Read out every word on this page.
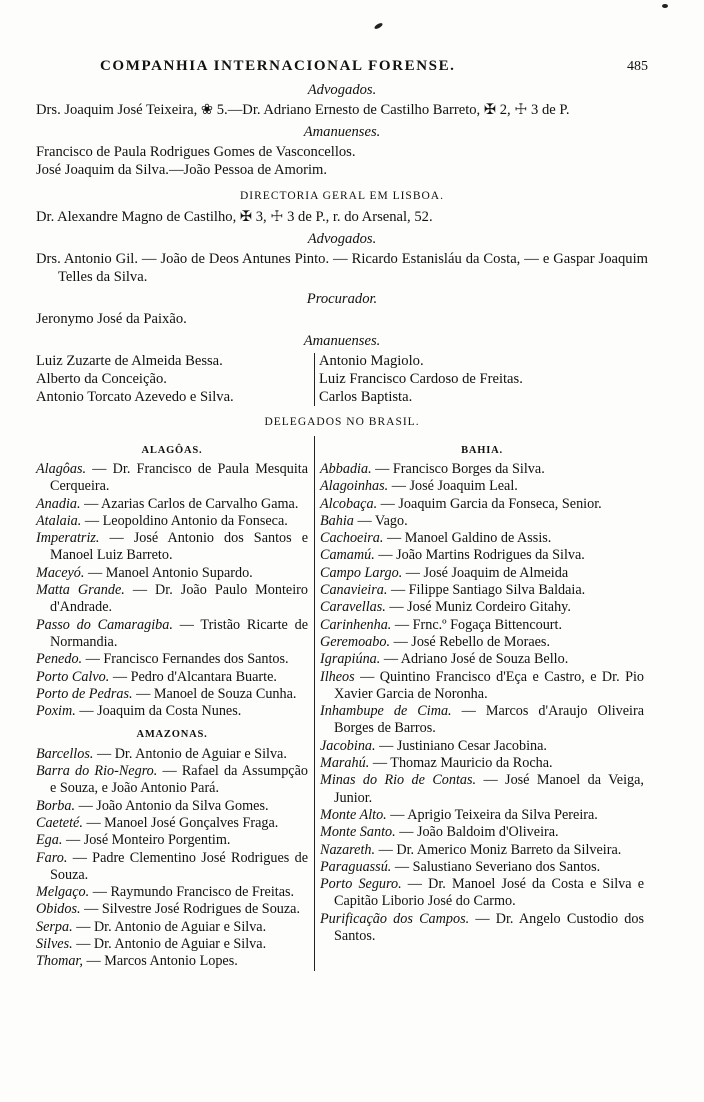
COMPANHIA INTERNACIONAL FORENSE.	485
Advogados.
Drs. Joaquim José Teixeira, ❀ 5.—Dr. Adriano Ernesto de Castilho Barreto, ✠ 2, ☩ 3 de P.
Amanuenses.
Francisco de Paula Rodrigues Gomes de Vasconcellos.
José Joaquim da Silva.—João Pessoa de Amorim.
DIRECTORIA GERAL EM LISBOA.
Dr. Alexandre Magno de Castilho, ✠ 3, ☩ 3 de P., r. do Arsenal, 52.
Advogados.
Drs. Antonio Gil. — João de Deos Antunes Pinto. — Ricardo Estanisláu da Costa, — e Gaspar Joaquim Telles da Silva.
Procurador.
Jeronymo José da Paixão.
Amanuenses.
Luiz Zuzarte de Almeida Bessa.
Alberto da Conceição.
Antonio Torcato Azevedo e Silva.
Antonio Magiolo.
Luiz Francisco Cardoso de Freitas.
Carlos Baptista.
DELEGADOS NO BRASIL.
ALAGÔAS.
Alagôas. — Dr. Francisco de Paula Mesquita Cerqueira.
Anadia. — Azarias Carlos de Carvalho Gama.
Atalaia. — Leopoldino Antonio da Fonseca.
Imperatriz. — José Antonio dos Santos e Manoel Luiz Barreto.
Maceyó. — Manoel Antonio Supardo.
Matta Grande. — Dr. João Paulo Monteiro d'Andrade.
Passo do Camaragiba. — Tristão Ricarte de Normandia.
Penedo. — Francisco Fernandes dos Santos.
Porto Calvo. — Pedro d'Alcantara Buarte.
Porto de Pedras. — Manoel de Souza Cunha.
Poxim. — Joaquim da Costa Nunes.
AMAZONAS.
Barcellos. — Dr. Antonio de Aguiar e Silva.
Barra do Rio-Negro. — Rafael da Assumpção e Souza, e João Antonio Pará.
Borba. — João Antonio da Silva Gomes.
Caeteté. — Manoel José Gonçalves Fraga.
Ega. — José Monteiro Porgentim.
Faro. — Padre Clementino José Rodrigues de Souza.
Melgaço. — Raymundo Francisco de Freitas.
Obidos. — Silvestre José Rodrigues de Souza.
Serpa. — Dr. Antonio de Aguiar e Silva.
Silves. — Dr. Antonio de Aguiar e Silva.
Thomar, — Marcos Antonio Lopes.
BAHIA.
Abbadia. — Francisco Borges da Silva.
Alagoinhas. — José Joaquim Leal.
Alcobaça. — Joaquim Garcia da Fonseca, Senior.
Bahia — Vago.
Cachoeira. — Manoel Galdino de Assis.
Camamú. — João Martins Rodrigues da Silva.
Campo Largo. — José Joaquim de Almeida
Canavieira. — Filippe Santiago Silva Baldaia.
Caravellas. — José Muniz Cordeiro Gitahy.
Carinhenha. — Frnc.º Fogaça Bittencourt.
Geremoabo. — José Rebello de Moraes.
Igrapiúna. — Adriano José de Souza Bello.
Ilheos — Quintino Francisco d'Eça e Castro, e Dr. Pio Xavier Garcia de Noronha.
Inhambupe de Cima. — Marcos d'Araujo Oliveira Borges de Barros.
Jacobina. — Justiniano Cesar Jacobina.
Marahú. — Thomaz Mauricio da Rocha.
Minas do Rio de Contas. — José Manoel da Veiga, Junior.
Monte Alto. — Aprigio Teixeira da Silva Pereira.
Monte Santo. — João Baldoim d'Oliveira.
Nazareth. — Dr. Americo Moniz Barreto da Silveira.
Paraguassú. — Salustiano Severiano dos Santos.
Porto Seguro. — Dr. Manoel José da Costa e Silva e Capitão Liborio José do Carmo.
Purificação dos Campos. — Dr. Angelo Custodio dos Santos.
